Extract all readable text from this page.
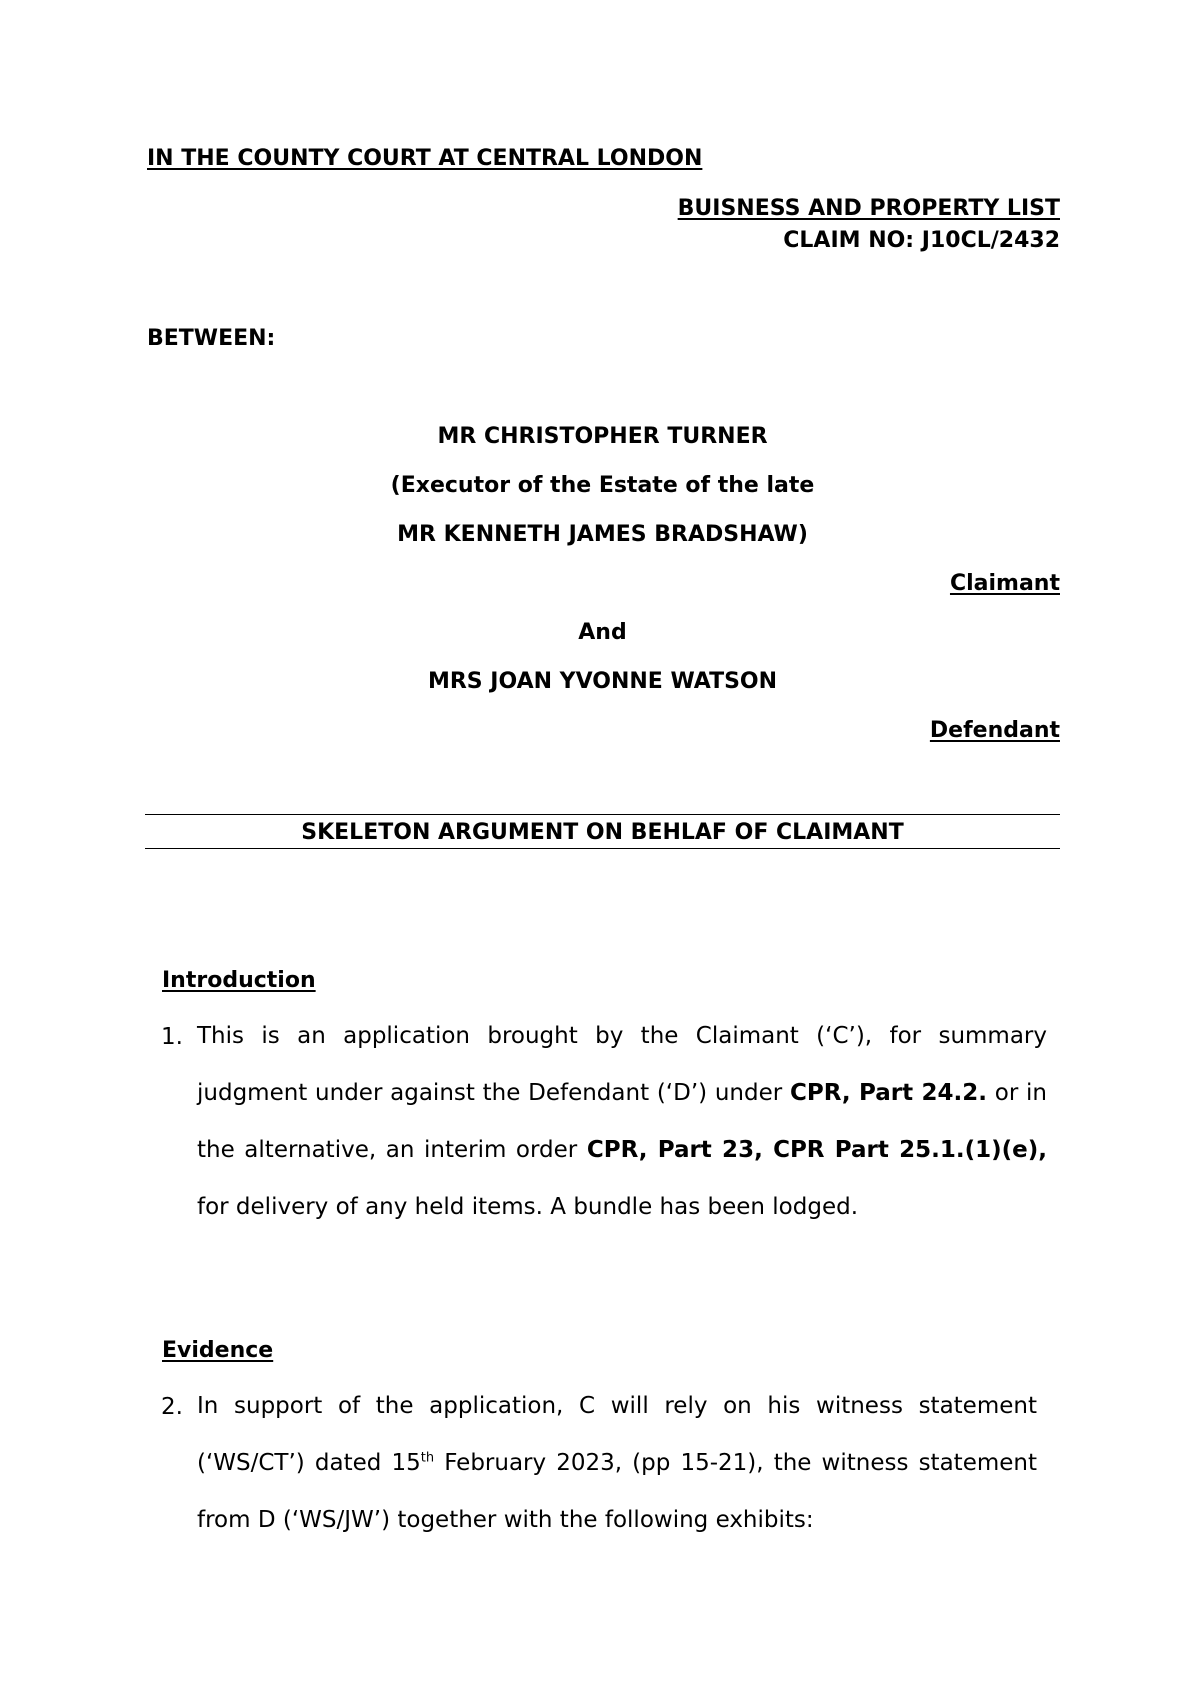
IN THE COUNTY COURT AT CENTRAL LONDON
BUISNESS AND PROPERTY LIST
CLAIM NO: J10CL/2432
BETWEEN:
MR CHRISTOPHER TURNER
(Executor of the Estate of the late
MR KENNETH JAMES BRADSHAW)
Claimant
And
MRS JOAN YVONNE WATSON
Defendant
SKELETON ARGUMENT ON BEHLAF OF CLAIMANT
Introduction
1. This is an application brought by the Claimant (‘C’), for summary judgment under against the Defendant (‘D’) under CPR, Part 24.2. or in the alternative, an interim order CPR, Part 23, CPR Part 25.1.(1)(e), for delivery of any held items. A bundle has been lodged.
Evidence
2. In support of the application, C will rely on his witness statement (‘WS/CT’) dated 15th February 2023, (pp 15-21), the witness statement from D (‘WS/JW’) together with the following exhibits:
